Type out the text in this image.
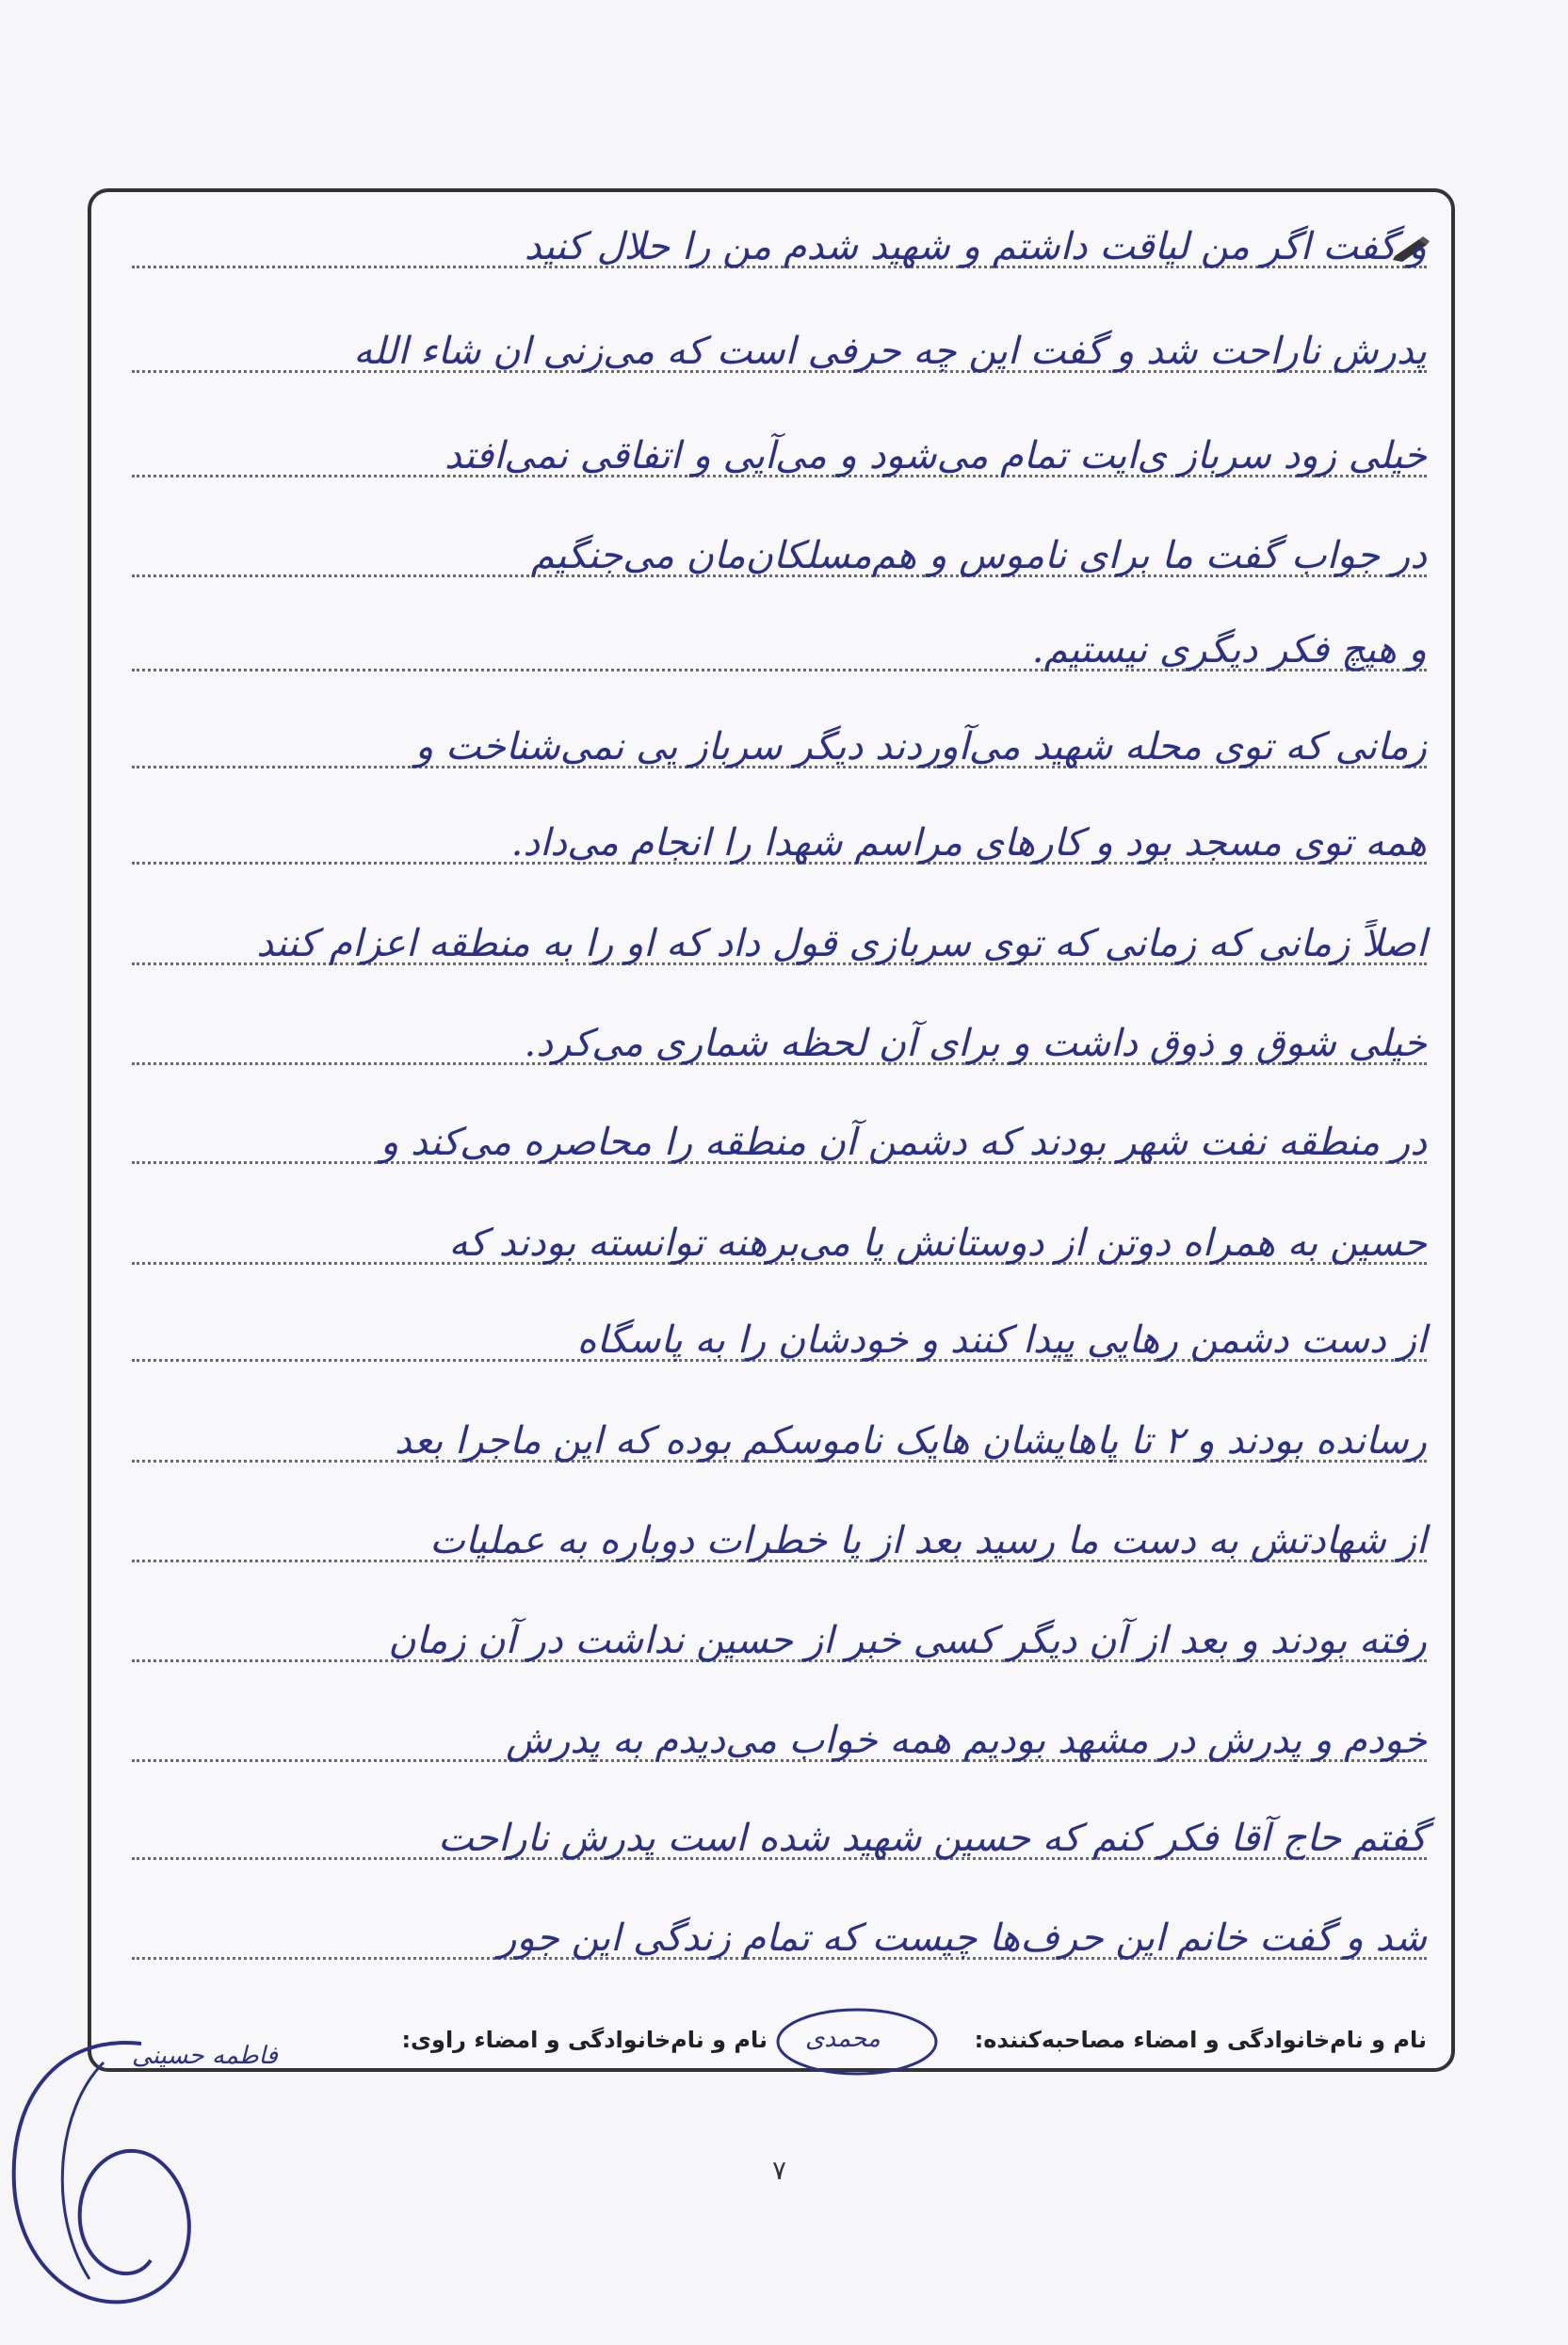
و گفت اگر من لیاقت داشتم و شهید شدم من را حلال کنید
پدرش ناراحت شد و گفت این چه حرفی است که می‌زنی ان شاء الله
خیلی زود سرباز ی‌ایت تمام می‌شود و می‌آیی و اتفاقی نمی‌افتد
در جواب گفت ما برای ناموس و هم‌مسلکان‌مان می‌جنگیم
و هیچ فکر دیگری نیستیم.
زمانی که توی محله شهید می‌آوردند دیگر سرباز یی نمی‌شناخت و
همه توی مسجد بود و کارهای مراسم شهدا را انجام می‌داد.
اصلاً زمانی که زمانی که توی سربازی قول داد که او را به منطقه اعزام کنند
خیلی شوق و ذوق داشت و برای آن لحظه شماری می‌کرد.
در منطقه نفت شهر بودند که دشمن آن منطقه را محاصره می‌کند و
حسین به همراه دوتن از دوستانش یا می‌برهنه توانسته بودند که
از دست دشمن رهایی پیدا کنند و خودشان را به پاسگاه
رسانده بودند و ۲ تا پاهایشان هایک ناموسکم بوده که این ماجرا بعد
از شهادتش به دست ما رسید بعد از یا خطرات دوباره به عملیات
رفته بودند و بعد از آن دیگر کسی خبر از حسین نداشت در آن زمان
خودم و پدرش در مشهد بودیم همه خواب می‌دیدم به پدرش
گفتم حاج آقا فکر کنم که حسین شهید شده است پدرش ناراحت
شد و گفت خانم این حرف‌ها چیست که تمام زندگی این جور
نام و نام‌خانوادگی و امضاء مصاحبه‌کننده:
نام و نام‌خانوادگی و امضاء راوی: محمدی
فاطمه حسینی
۷
